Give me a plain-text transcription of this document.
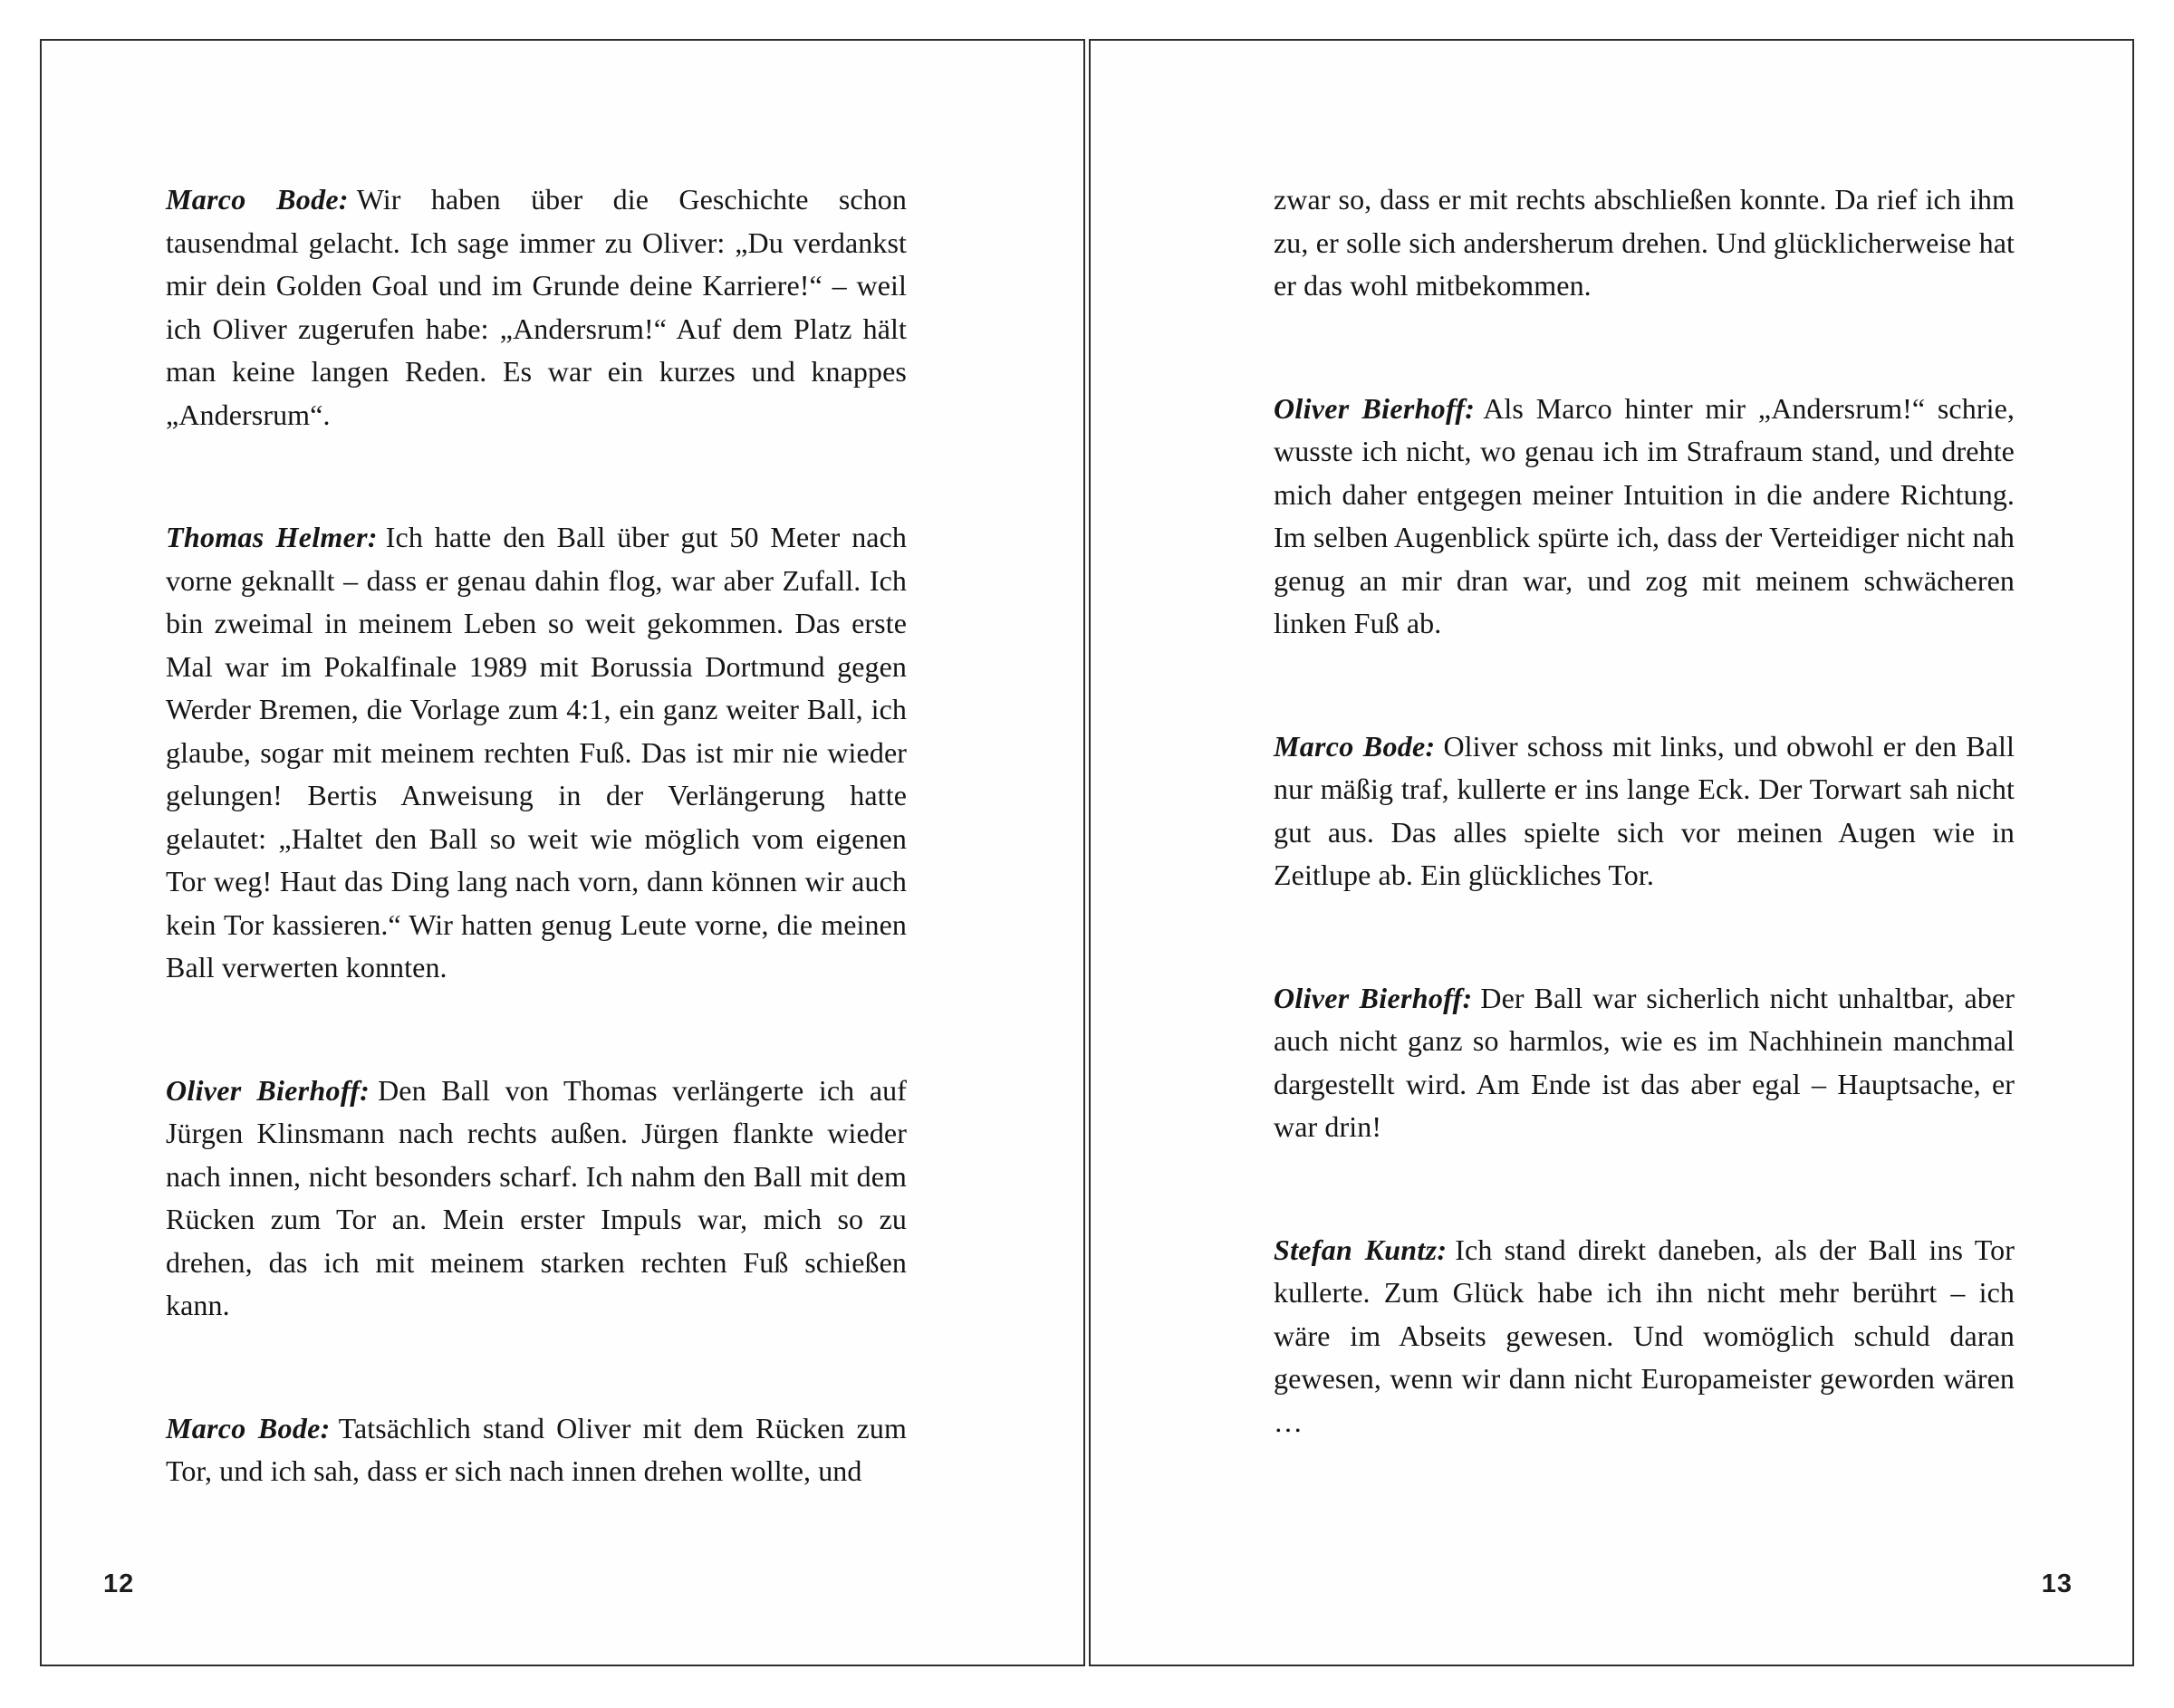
Marco Bode: Wir haben über die Geschichte schon tausendmal gelacht. Ich sage immer zu Oliver: „Du verdankst mir dein Golden Goal und im Grunde deine Karriere!“ – weil ich Oliver zugerufen habe: „Andersrum!“ Auf dem Platz hält man keine langen Reden. Es war ein kurzes und knappes „Andersrum“.

Thomas Helmer: Ich hatte den Ball über gut 50 Meter nach vorne geknallt – dass er genau dahin flog, war aber Zufall. Ich bin zweimal in meinem Leben so weit gekommen. Das erste Mal war im Pokalfinale 1989 mit Borussia Dortmund gegen Werder Bremen, die Vorlage zum 4:1, ein ganz weiter Ball, ich glaube, sogar mit meinem rechten Fuß. Das ist mir nie wieder gelungen! Bertis Anweisung in der Verlängerung hatte gelautet: „Haltet den Ball so weit wie möglich vom eigenen Tor weg! Haut das Ding lang nach vorn, dann können wir auch kein Tor kassieren.“ Wir hatten genug Leute vorne, die meinen Ball verwerten konnten.

Oliver Bierhoff: Den Ball von Thomas verlängerte ich auf Jürgen Klinsmann nach rechts außen. Jürgen flankte wieder nach innen, nicht besonders scharf. Ich nahm den Ball mit dem Rücken zum Tor an. Mein erster Impuls war, mich so zu drehen, das ich mit meinem starken rechten Fuß schießen kann.

Marco Bode: Tatsächlich stand Oliver mit dem Rücken zum Tor, und ich sah, dass er sich nach innen drehen wollte, und

12

zwar so, dass er mit rechts abschließen konnte. Da rief ich ihm zu, er solle sich andersherum drehen. Und glücklicherweise hat er das wohl mitbekommen.

Oliver Bierhoff: Als Marco hinter mir „Andersrum!“ schrie, wusste ich nicht, wo genau ich im Strafraum stand, und drehte mich daher entgegen meiner Intuition in die andere Richtung. Im selben Augenblick spürte ich, dass der Verteidiger nicht nah genug an mir dran war, und zog mit meinem schwächeren linken Fuß ab.

Marco Bode: Oliver schoss mit links, und obwohl er den Ball nur mäßig traf, kullerte er ins lange Eck. Der Torwart sah nicht gut aus. Das alles spielte sich vor meinen Augen wie in Zeitlupe ab. Ein glückliches Tor.

Oliver Bierhoff: Der Ball war sicherlich nicht unhaltbar, aber auch nicht ganz so harmlos, wie es im Nachhinein manchmal dargestellt wird. Am Ende ist das aber egal – Hauptsache, er war drin!

Stefan Kuntz: Ich stand direkt daneben, als der Ball ins Tor kullerte. Zum Glück habe ich ihn nicht mehr berührt – ich wäre im Abseits gewesen. Und womöglich schuld daran gewesen, wenn wir dann nicht Europameister geworden wären …

13
